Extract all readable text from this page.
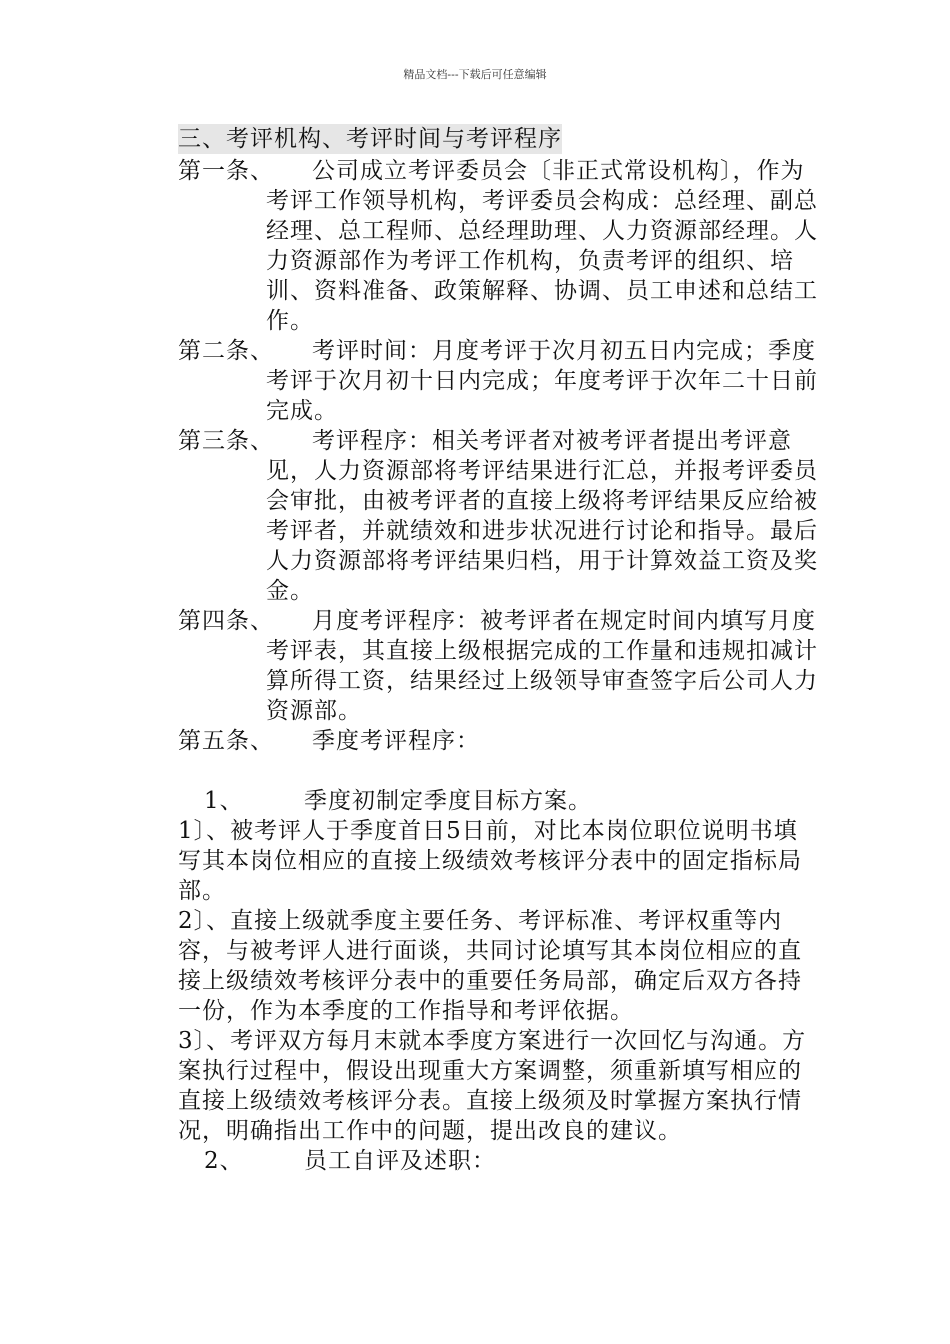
精品文档---下载后可任意编辑
三、考评机构、考评时间与考评程序
第一条、	公司成立考评委员会〔非正式常设机构〕，作为考评工作领导机构，考评委员会构成：总经理、副总经理、总工程师、总经理助理、人力资源部经理。人力资源部作为考评工作机构，负责考评的组织、培训、资料准备、政策解释、协调、员工申述和总结工作。
第二条、	考评时间：月度考评于次月初五日内完成；季度考评于次月初十日内完成；年度考评于次年二十日前完成。
第三条、	考评程序：相关考评者对被考评者提出考评意见，人力资源部将考评结果进行汇总，并报考评委员会审批，由被考评者的直接上级将考评结果反应给被考评者，并就绩效和进步状况进行讨论和指导。最后人力资源部将考评结果归档，用于计算效益工资及奖金。
第四条、	月度考评程序：被考评者在规定时间内填写月度考评表，其直接上级根据完成的工作量和违规扣减计算所得工资，结果经过上级领导审查签字后公司人力资源部。
第五条、	季度考评程序：
1、	季度初制定季度目标方案。
1〕、被考评人于季度首日5日前，对比本岗位职位说明书填写其本岗位相应的直接上级绩效考核评分表中的固定指标局部。
2〕、直接上级就季度主要任务、考评标准、考评权重等内容，与被考评人进行面谈，共同讨论填写其本岗位相应的直接上级绩效考核评分表中的重要任务局部，确定后双方各持一份，作为本季度的工作指导和考评依据。
3〕、考评双方每月末就本季度方案进行一次回忆与沟通。方案执行过程中，假设出现重大方案调整，须重新填写相应的直接上级绩效考核评分表。直接上级须及时掌握方案执行情况，明确指出工作中的问题，提出改良的建议。
2、	员工自评及述职：
